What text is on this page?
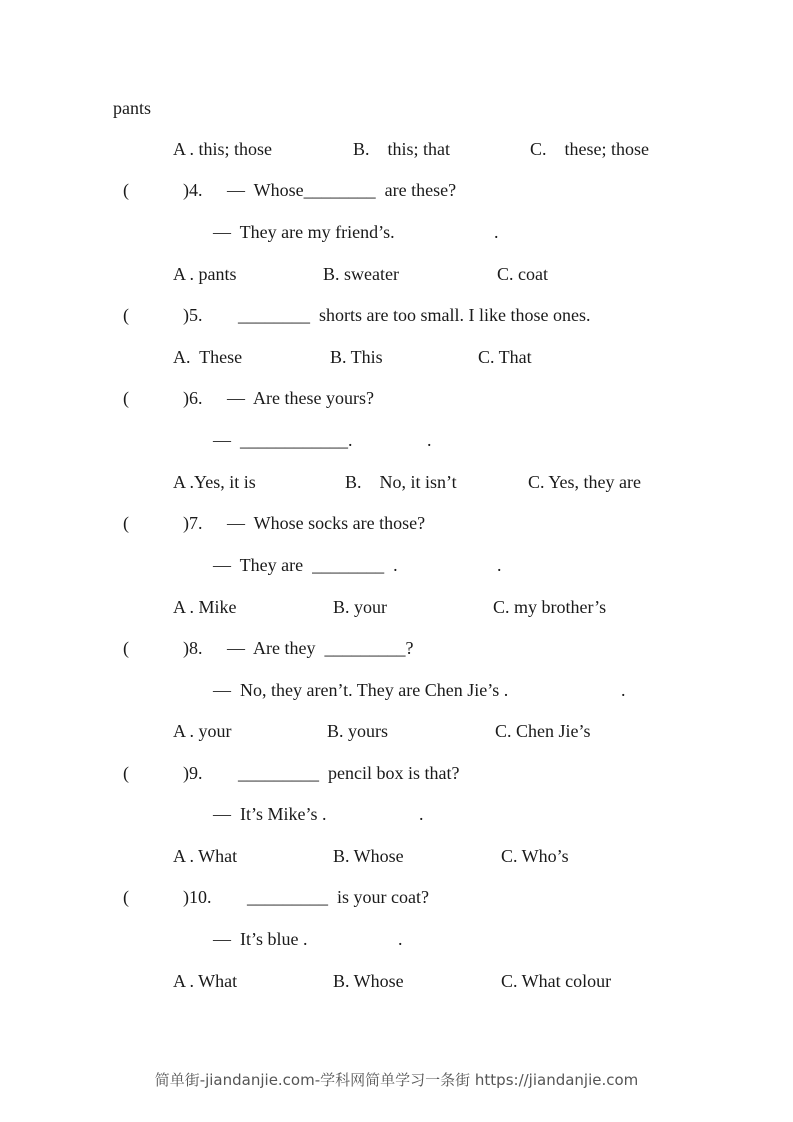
pants
A . this; those	B.    this; that	C.    these; those
(	)4. —  Whose________  are these?
—  They are my friend’s.	.
A . pants	B. sweater	C. coat
(	)5. ________  shorts are too small. I like those ones.
A.  These	B. This	C. That
(	)6. —  Are these yours?
—  ____________.	.
A .Yes, it is	B.    No, it isn’t	C. Yes, they are
(	)7. —  Whose socks are those?
—  They are  ________  .	.
A . Mike	B. your	C. my brother’s
(	)8. —  Are they  _________?
—  No, they aren’t. They are Chen Jie’s .	.
A . your	B. yours	C. Chen Jie’s
(	)9. _________  pencil box is that?
—  It’s Mike’s .	.
A . What	B. Whose	C. Who’s
(	)10. _________  is your coat?
—  It’s blue .	.
A . What	B. Whose	C. What colour
简单街-jiandanjie.com-学科网简单学习一条街 https://jiandanjie.com
